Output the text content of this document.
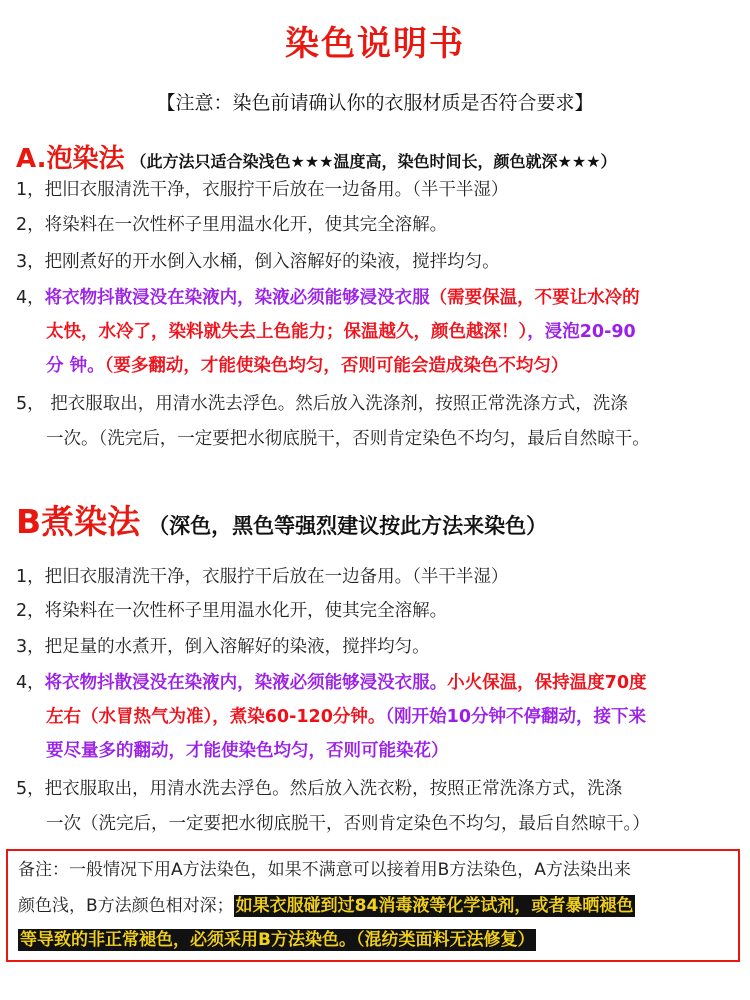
染色说明书
【注意：染色前请确认你的衣服材质是否符合要求】
A.泡染法 （此方法只适合染浅色★★★温度高，染色时间长，颜色就深★★★）
1，把旧衣服清洗干净，衣服拧干后放在一边备用。（半干半湿）
2，将染料在一次性杯子里用温水化开，使其完全溶解。
3，把刚煮好的开水倒入水桶，倒入溶解好的染液，搅拌均匀。
4，将衣物抖散浸没在染液内，染液必须能够浸没衣服（需要保温，不要让水冷的
太快，水冷了，染料就失去上色能力；保温越久，颜色越深！），浸泡20-90
分 钟。（要多翻动，才能使染色均匀，否则可能会造成染色不均匀）
5， 把衣服取出，用清水洗去浮色。然后放入洗涤剂，按照正常洗涤方式，洗涤
一次。（洗完后，一定要把水彻底脱干，否则肯定染色不均匀，最后自然晾干。
B煮染法 （深色，黑色等强烈建议按此方法来染色）
1，把旧衣服清洗干净，衣服拧干后放在一边备用。（半干半湿）
2，将染料在一次性杯子里用温水化开，使其完全溶解。
3，把足量的水煮开，倒入溶解好的染液，搅拌均匀。
4，将衣物抖散浸没在染液内，染液必须能够浸没衣服。小火保温，保持温度70度
左右（水冒热气为准），煮染60-120分钟。（刚开始10分钟不停翻动，接下来
要尽量多的翻动，才能使染色均匀，否则可能染花）
5，把衣服取出，用清水洗去浮色。然后放入洗衣粉，按照正常洗涤方式，洗涤
一次（洗完后，一定要把水彻底脱干，否则肯定染色不均匀，最后自然晾干。）
备注：一般情况下用A方法染色，如果不满意可以接着用B方法染色，A方法染出来
颜色浅，B方法颜色相对深； 如果衣服碰到过84消毒液等化学试剂，或者暴晒褪色
等导致的非正常褪色，必须采用B方法染色。（混纺类面料无法修复）
